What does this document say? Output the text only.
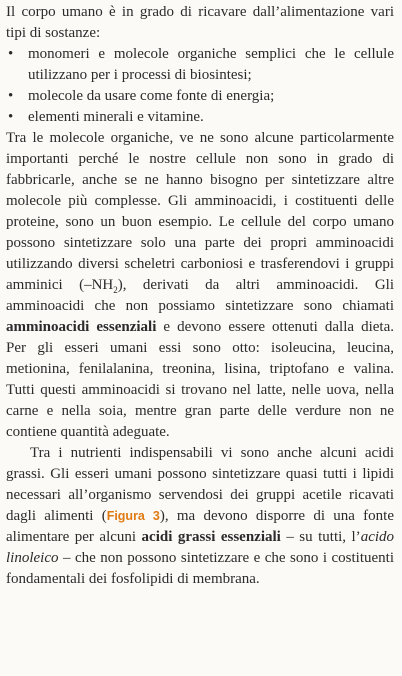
Il corpo umano è in grado di ricavare dall’alimentazione vari tipi di sostanze:

• monomeri e molecole organiche semplici che le cellule utilizzano per i processi di biosintesi;
• molecole da usare come fonte di energia;
• elementi minerali e vitamine.

Tra le molecole organiche, ve ne sono alcune particolarmente importanti perché le nostre cellule non sono in grado di fabbricarle, anche se ne hanno bisogno per sintetizzare altre molecole più complesse. Gli amminoacidi, i costituenti delle proteine, sono un buon esempio. Le cellule del corpo umano possono sintetizzare solo una parte dei propri amminoacidi utilizzando diversi scheletri carboniosi e trasferendovi i gruppi amminici $(-NH_2)$, derivati da altri amminoacidi. Gli amminoacidi che non possiamo sintetizzare sono chiamati amminoacidi essenziali e devono essere ottenuti dalla dieta. Per gli esseri umani essi sono otto: isoleucina, leucina, metionina, fenilalanina, treonina, lisina, triptofano e valina. Tutti questi amminoacidi si trovano nel latte, nelle uova, nella carne e nella soia, mentre gran parte delle verdure non ne contiene quantità adeguate.

Tra i nutrienti indispensabili vi sono anche alcuni acidi grassi. Gli esseri umani possono sintetizzare quasi tutti i lipidi necessari all’organismo servendosi dei gruppi acetile ricavati dagli alimenti (Figura 3), ma devono disporre di una fonte alimentare per alcuni acidi grassi essenziali – su tutti, l’acido linoleico – che non possono sintetizzare e che sono i costituenti fondamentali dei fosfolipidi di membrana.
